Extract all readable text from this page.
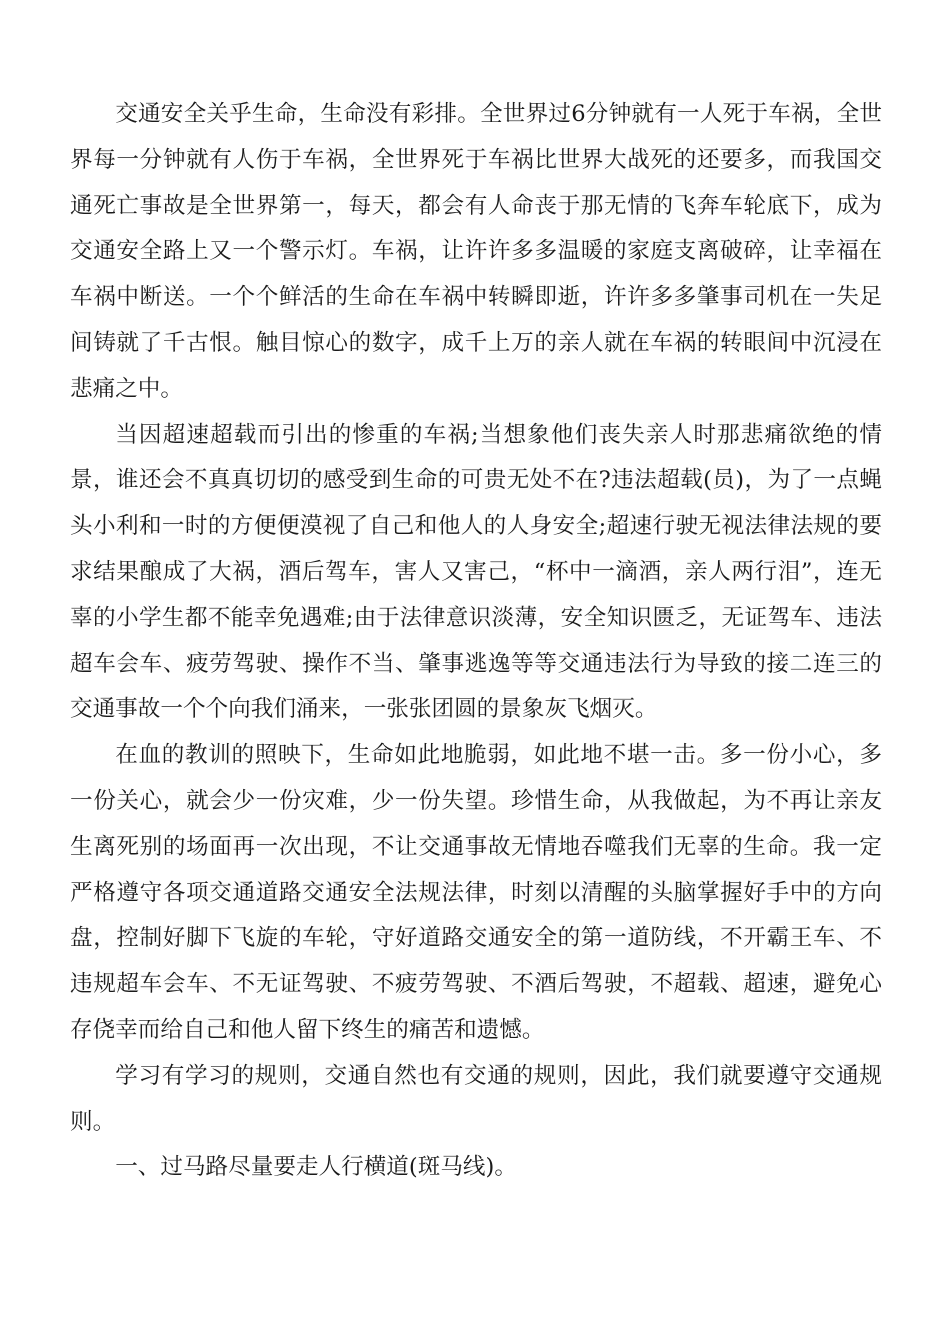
交通安全关乎生命，生命没有彩排。全世界过6分钟就有一人死于车祸，全世界每一分钟就有人伤于车祸，全世界死于车祸比世界大战死的还要多，而我国交通死亡事故是全世界第一，每天，都会有人命丧于那无情的飞奔车轮底下，成为交通安全路上又一个警示灯。车祸，让许许多多温暖的家庭支离破碎，让幸福在车祸中断送。一个个鲜活的生命在车祸中转瞬即逝，许许多多肇事司机在一失足间铸就了千古恨。触目惊心的数字，成千上万的亲人就在车祸的转眼间中沉浸在悲痛之中。

当因超速超载而引出的惨重的车祸;当想象他们丧失亲人时那悲痛欲绝的情景，谁还会不真真切切的感受到生命的可贵无处不在?违法超载(员)，为了一点蝇头小利和一时的方便便漠视了自己和他人的人身安全;超速行驶无视法律法规的要求结果酿成了大祸，酒后驾车，害人又害己，“杯中一滴酒，亲人两行泪”，连无辜的小学生都不能幸免遇难;由于法律意识淡薄，安全知识匮乏，无证驾车、违法超车会车、疲劳驾驶、操作不当、肇事逃逸等等交通违法行为导致的接二连三的交通事故一个个向我们涌来，一张张团圆的景象灰飞烟灭。

在血的教训的照映下，生命如此地脆弱，如此地不堪一击。多一份小心，多一份关心，就会少一份灾难，少一份失望。珍惜生命，从我做起，为不再让亲友生离死别的场面再一次出现，不让交通事故无情地吞噬我们无辜的生命。我一定严格遵守各项交通道路交通安全法规法律，时刻以清醒的头脑掌握好手中的方向盘，控制好脚下飞旋的车轮，守好道路交通安全的第一道防线，不开霸王车、不违规超车会车、不无证驾驶、不疲劳驾驶、不酒后驾驶，不超载、超速，避免心存侥幸而给自己和他人留下终生的痛苦和遗憾。

学习有学习的规则，交通自然也有交通的规则，因此，我们就要遵守交通规则。

一、过马路尽量要走人行横道(斑马线)。
